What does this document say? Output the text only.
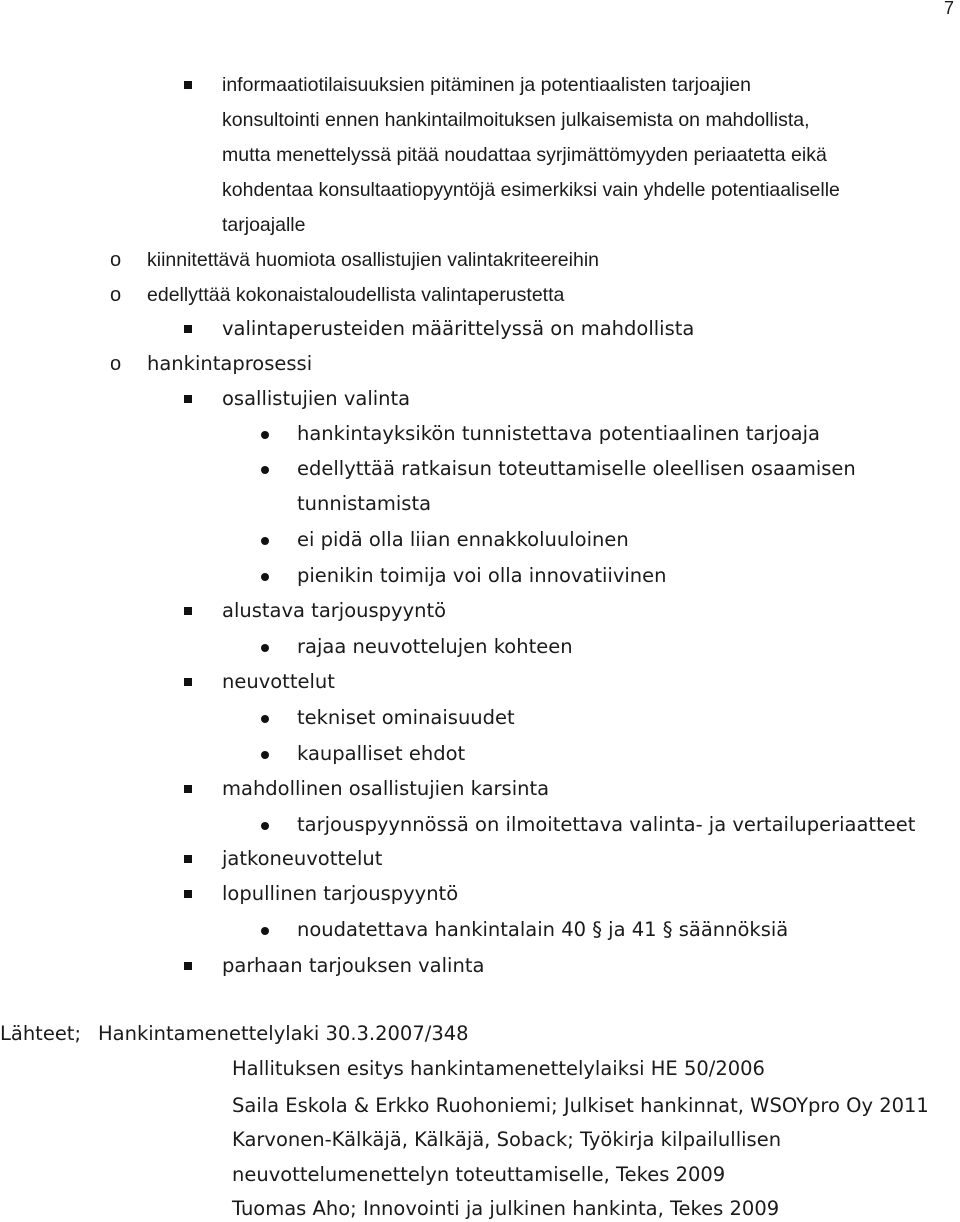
7
informaatiotilaisuuksien pitäminen ja potentiaalisten tarjoajien
konsultointi ennen hankintailmoituksen julkaisemista on mahdollista,
mutta menettelyssä pitää noudattaa syrjimättömyyden periaatetta eikä
kohdentaa konsultaatiopyyntöjä esimerkiksi vain yhdelle potentiaaliselle
tarjoajalle
o kiinnitettävä huomiota osallistujien valintakriteereihin
o edellyttää kokonaistaloudellista valintaperustetta
valintaperusteiden määrittelyssä on mahdollista
o hankintaprosessi
osallistujien valinta
hankintayksikön tunnistettava potentiaalinen tarjoaja
edellyttää ratkaisun toteuttamiselle oleellisen osaamisen
tunnistamista
ei pidä olla liian ennakkoluuloinen
pienikin toimija voi olla innovatiivinen
alustava tarjouspyyntö
rajaa neuvottelujen kohteen
neuvottelut
tekniset ominaisuudet
kaupalliset ehdot
mahdollinen osallistujien karsinta
tarjouspyynnössä on ilmoitettava valinta- ja vertailuperiaatteet
jatkoneuvottelut
lopullinen tarjouspyyntö
noudatettava hankintalain 40 § ja 41 § säännöksiä
parhaan tarjouksen valinta
Lähteet; Hankintamenettelylaki 30.3.2007/348
Hallituksen esitys hankintamenettelylaiksi HE 50/2006
Saila Eskola & Erkko Ruohoniemi; Julkiset hankinnat, WSOYpro Oy 2011
Karvonen-Kälkäjä, Kälkäjä, Soback; Työkirja kilpailullisen
neuvottelumenettelyn toteuttamiselle, Tekes 2009
Tuomas Aho; Innovointi ja julkinen hankinta, Tekes 2009
